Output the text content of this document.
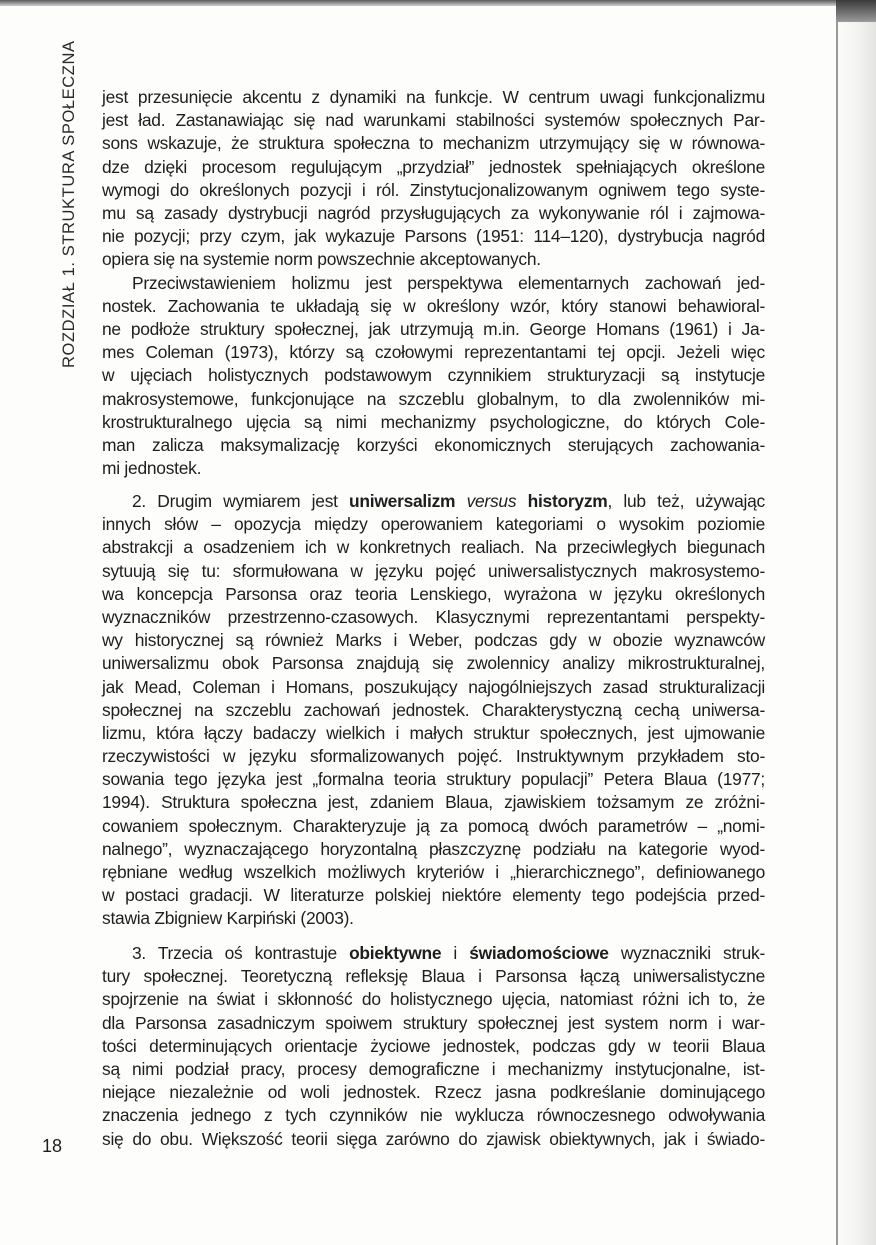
ROZDZIAŁ 1. STRUKTURA SPOŁECZNA jest przesunięcie akcentu z dynamiki na funkcje. W centrum uwagi funkcjonalizmu
jest ład. Zastanawiając się nad warunkami stabilności systemów społecznych Par-
sons wskazuje, że struktura społeczna to mechanizm utrzymujący się w równowa-
dze dzięki procesom regulującym „przydział” jednostek spełniających określone
wymogi do określonych pozycji i ról. Zinstytucjonalizowanym ogniwem tego syste-
mu są zasady dystrybucji nagród przysługujących za wykonywanie ról i zajmowa-
nie pozycji; przy czym, jak wykazuje Parsons (1951: 114–120), dystrybucja nagród
opiera się na systemie norm powszechnie akceptowanych.
Przeciwstawieniem holizmu jest perspektywa elementarnych zachowań jed-
nostek. Zachowania te układają się w określony wzór, który stanowi behawioral-
ne podłoże struktury społecznej, jak utrzymują m.in. George Homans (1961) i Ja-
mes Coleman (1973), którzy są czołowymi reprezentantami tej opcji. Jeżeli więc
w ujęciach holistycznych podstawowym czynnikiem strukturyzacji są instytucje
makrosystemowe, funkcjonujące na szczeblu globalnym, to dla zwolenników mi-
krostrukturalnego ujęcia są nimi mechanizmy psychologiczne, do których Cole-
man zalicza maksymalizację korzyści ekonomicznych sterujących zachowania-
mi jednostek.
2. Drugim wymiarem jest uniwersalizm versus historyzm, lub też, używając
innych słów – opozycja między operowaniem kategoriami o wysokim poziomie
abstrakcji a osadzeniem ich w konkretnych realiach. Na przeciwległych biegunach
sytuują się tu: sformułowana w języku pojęć uniwersalistycznych makrosystemo-
wa koncepcja Parsonsa oraz teoria Lenskiego, wyrażona w języku określonych
wyznaczników przestrzenno-czasowych. Klasycznymi reprezentantami perspekty-
wy historycznej są również Marks i Weber, podczas gdy w obozie wyznawców
uniwersalizmu obok Parsonsa znajdują się zwolennicy analizy mikrostrukturalnej,
jak Mead, Coleman i Homans, poszukujący najogólniejszych zasad strukturalizacji
społecznej na szczeblu zachowań jednostek. Charakterystyczną cechą uniwersa-
lizmu, która łączy badaczy wielkich i małych struktur społecznych, jest ujmowanie
rzeczywistości w języku sformalizowanych pojęć. Instruktywnym przykładem sto-
sowania tego języka jest „formalna teoria struktury populacji” Petera Blaua (1977;
1994). Struktura społeczna jest, zdaniem Blaua, zjawiskiem tożsamym ze zróżni-
cowaniem społecznym. Charakteryzuje ją za pomocą dwóch parametrów – „nomi-
nalnego”, wyznaczającego horyzontalną płaszczyznę podziału na kategorie wyod-
rębniane według wszelkich możliwych kryteriów i „hierarchicznego”, definiowanego
w postaci gradacji. W literaturze polskiej niektóre elementy tego podejścia przed-
stawia Zbigniew Karpiński (2003).
3. Trzecia oś kontrastuje obiektywne i świadomościowe wyznaczniki struk-
tury społecznej. Teoretyczną refleksję Blaua i Parsonsa łączą uniwersalistyczne
spojrzenie na świat i skłonność do holistycznego ujęcia, natomiast różni ich to, że
dla Parsonsa zasadniczym spoiwem struktury społecznej jest system norm i war-
tości determinujących orientacje życiowe jednostek, podczas gdy w teorii Blaua
są nimi podział pracy, procesy demograficzne i mechanizmy instytucjonalne, ist-
niejące niezależnie od woli jednostek. Rzecz jasna podkreślanie dominującego
znaczenia jednego z tych czynników nie wyklucza równoczesnego odwoływania
się do obu. Większość teorii sięga zarówno do zjawisk obiektywnych, jak i świado-
18
